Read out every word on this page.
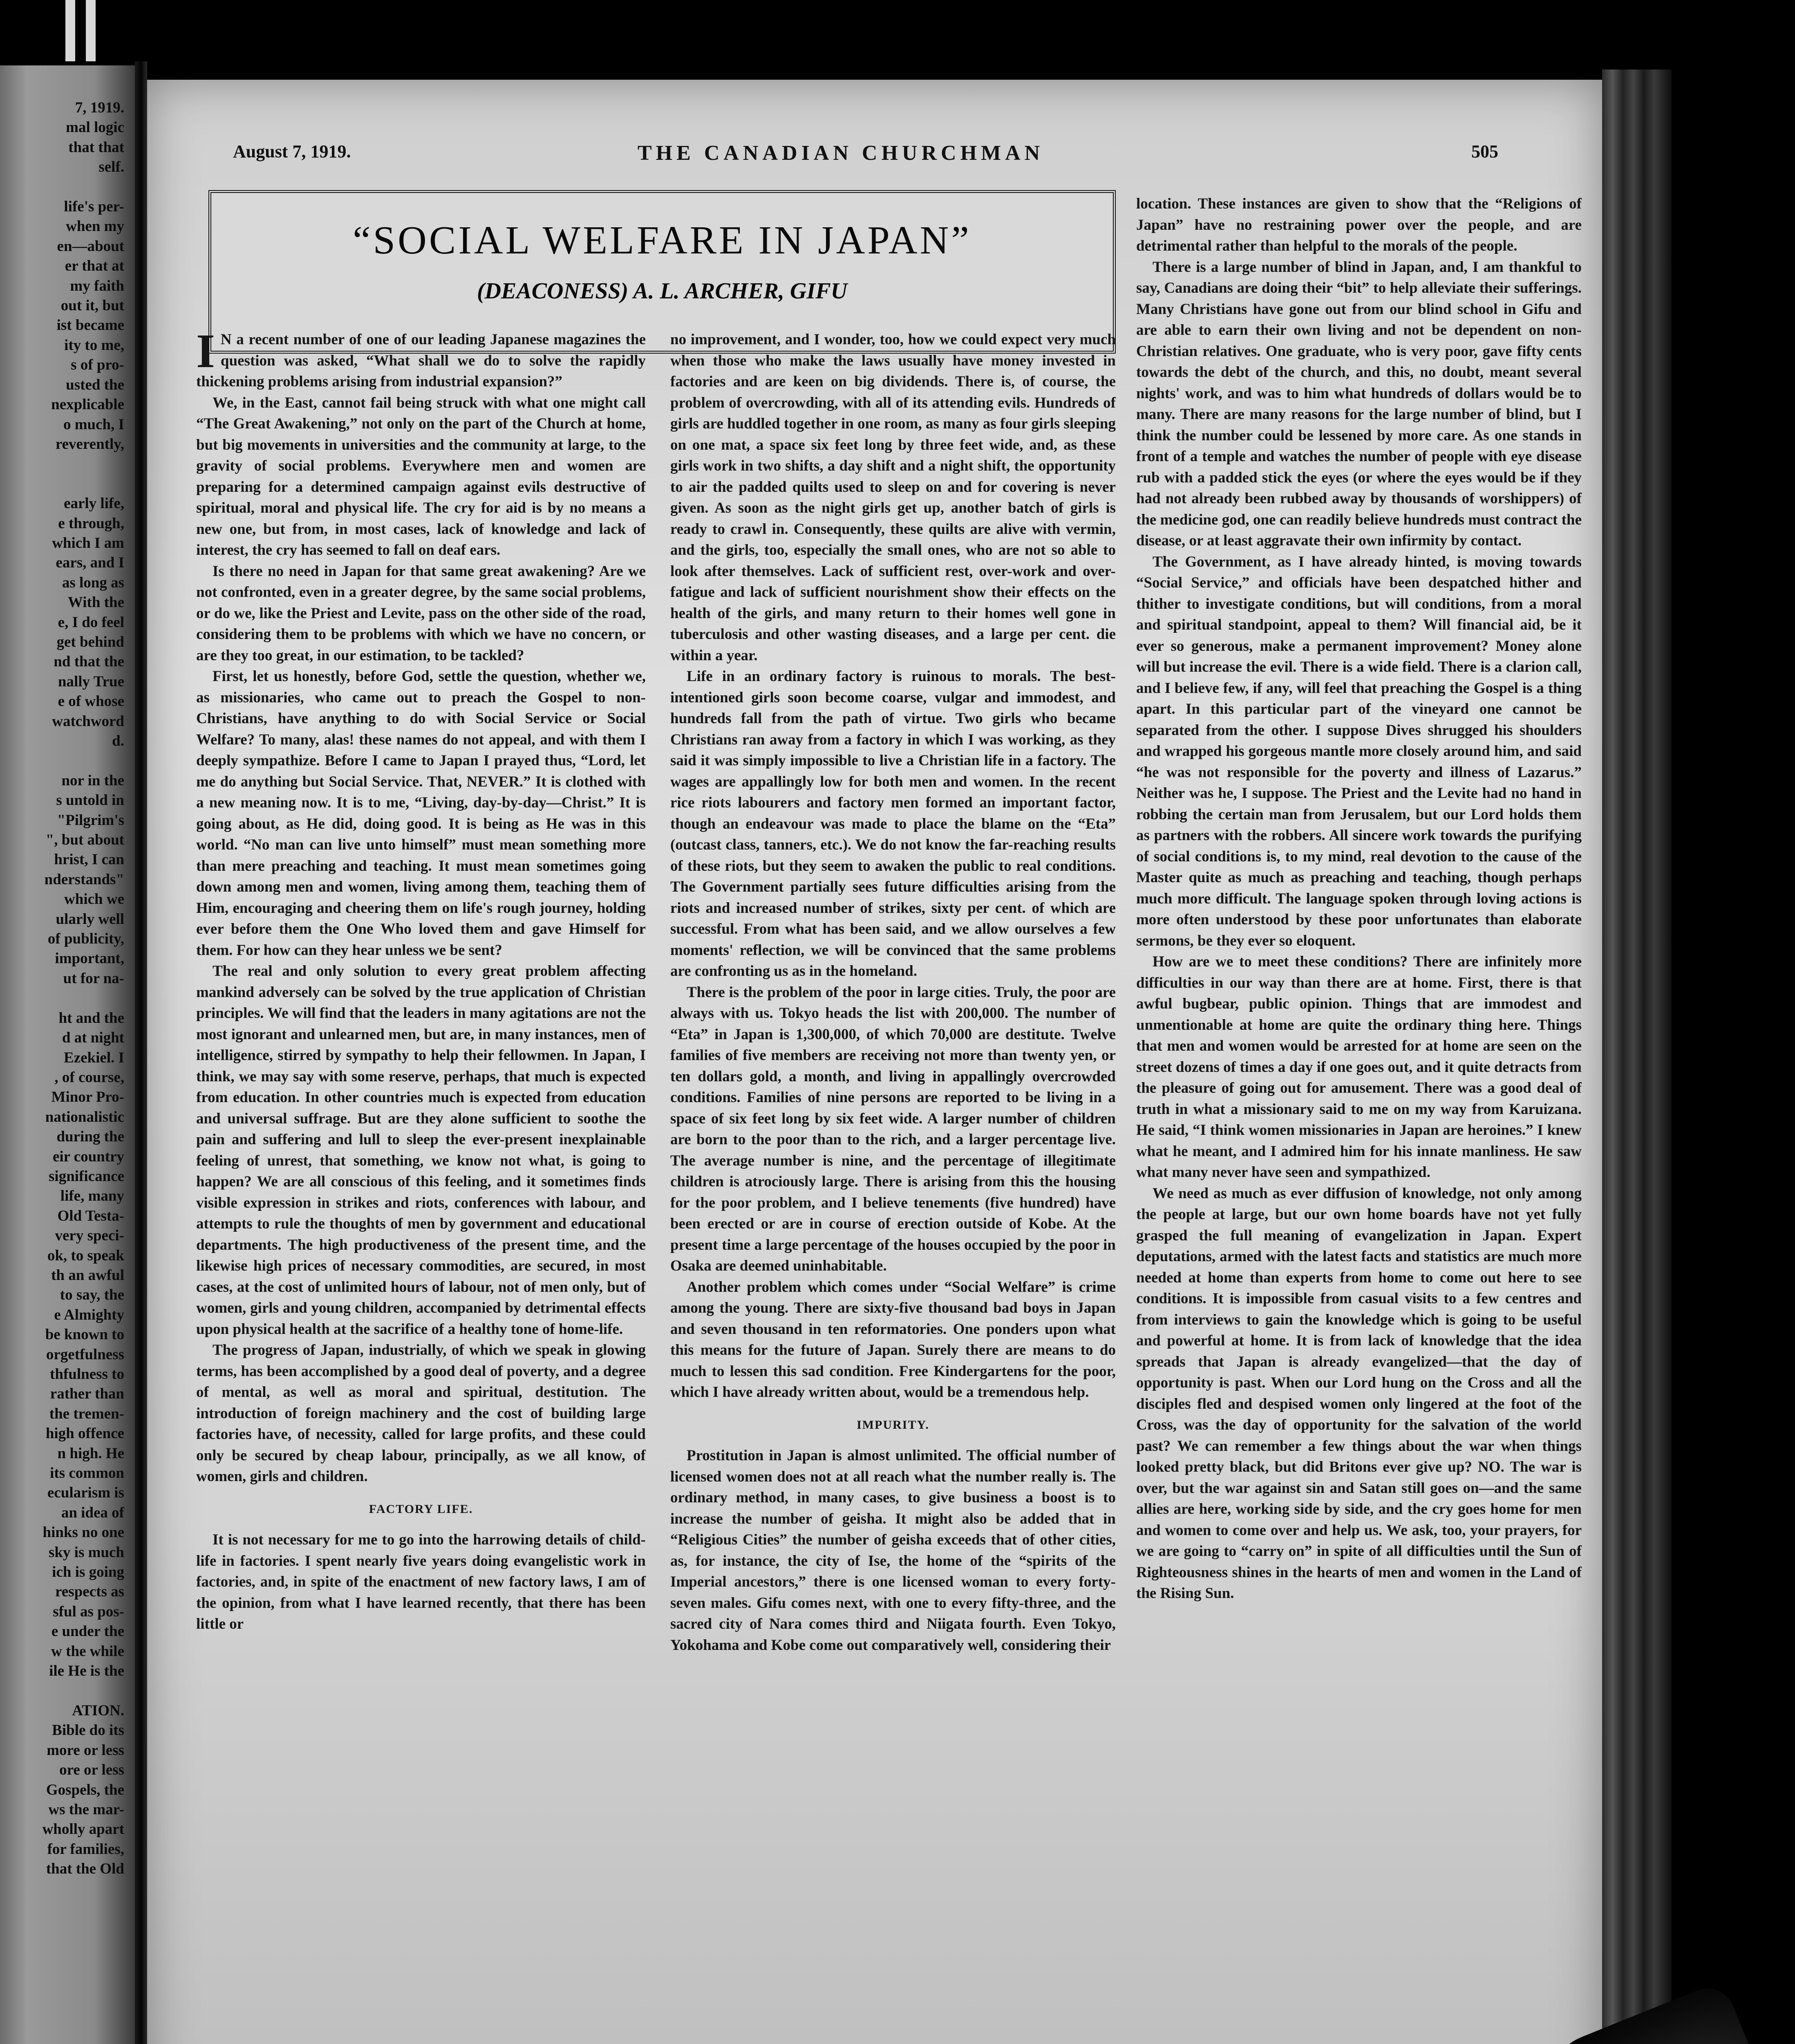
7, 1919.
mal logic
that that
self.

life's per-
when my
en—about
er that at
my faith
out it, but
ist became
ity to me,
s of pro-
usted the
nexplicable
o much, I
reverently,

early life,
e through,
which I am
ears, and I
as long as
With the
e, I do feel
get behind
nd that the
nally True
e of whose
watchword
d.

nor in the
s untold in
"Pilgrim's
", but about
hrist, I can
nderstands"
which we
ularly well
of publicity,
important,
ut for na-

ht and the
d at night
Ezekiel. I
, of course,
Minor Pro-
nationalistic
during the
eir country
significance
life, many
Old Testa-
very speci-
ok, to speak
th an awful
to say, the
e Almighty
be known to
orgetfulness
thfulness to
rather than
the tremen-
high offence
n high. He
its common
ecularism is
an idea of
hinks no one
sky is much
ich is going
respects as
sful as pos-
e under the
w the while
ile He is the

ATION.
Bible do its
more or less
ore or less
Gospels, the
ws the mar-
wholly apart
for families,
that the Old
August 7, 1919.	THE CANADIAN CHURCHMAN	505
“SOCIAL WELFARE IN JAPAN”
(DEACONESS) A. L. ARCHER, GIFU

I N a recent number of one of our leading Japanese magazines the question was asked, “What shall we do to solve the rapidly thickening problems arising from industrial expansion?”

We, in the East, cannot fail being struck with what one might call “The Great Awakening,” not only on the part of the Church at home, but big movements in universities and the community at large, to the gravity of social problems. Everywhere men and women are preparing for a determined campaign against evils destructive of spiritual, moral and physical life. The cry for aid is by no means a new one, but from, in most cases, lack of knowledge and lack of interest, the cry has seemed to fall on deaf ears.

Is there no need in Japan for that same great awakening? Are we not confronted, even in a greater degree, by the same social problems, or do we, like the Priest and Levite, pass on the other side of the road, considering them to be problems with which we have no concern, or are they too great, in our estimation, to be tackled?

First, let us honestly, before God, settle the question, whether we, as missionaries, who came out to preach the Gospel to non-Christians, have anything to do with Social Service or Social Welfare? To many, alas! these names do not appeal, and with them I deeply sympathize. Before I came to Japan I prayed thus, “Lord, let me do anything but Social Service. That, NEVER.” It is clothed with a new meaning now. It is to me, “Living, day-by-day—Christ.” It is going about, as He did, doing good. It is being as He was in this world. “No man can live unto himself” must mean something more than mere preaching and teaching. It must mean sometimes going down among men and women, living among them, teaching them of Him, encouraging and cheering them on life's rough journey, holding ever before them the One Who loved them and gave Himself for them. For how can they hear unless we be sent?

The real and only solution to every great problem affecting mankind adversely can be solved by the true application of Christian principles. We will find that the leaders in many agitations are not the most ignorant and unlearned men, but are, in many instances, men of intelligence, stirred by sympathy to help their fellowmen. In Japan, I think, we may say with some reserve, perhaps, that much is expected from education. In other countries much is expected from education and universal suffrage. But are they alone sufficient to soothe the pain and suffering and lull to sleep the ever-present inexplainable feeling of unrest, that something, we know not what, is going to happen? We are all conscious of this feeling, and it sometimes finds visible expression in strikes and riots, conferences with labour, and attempts to rule the thoughts of men by government and educational departments. The high productiveness of the present time, and the likewise high prices of necessary commodities, are secured, in most cases, at the cost of unlimited hours of labour, not of men only, but of women, girls and young children, accompanied by detrimental effects upon physical health at the sacrifice of a healthy tone of home-life.

The progress of Japan, industrially, of which we speak in glowing terms, has been accomplished by a good deal of poverty, and a degree of mental, as well as moral and spiritual, destitution. The introduction of foreign machinery and the cost of building large factories have, of necessity, called for large profits, and these could only be secured by cheap labour, principally, as we all know, of women, girls and children.

FACTORY LIFE.

It is not necessary for me to go into the harrowing details of child-life in factories. I spent nearly five years doing evangelistic work in factories, and, in spite of the enactment of new factory laws, I am of the opinion, from what I have learned recently, that there has been little or

no improvement, and I wonder, too, how we could expect very much when those who make the laws usually have money invested in factories and are keen on big dividends. There is, of course, the problem of overcrowding, with all of its attending evils. Hundreds of girls are huddled together in one room, as many as four girls sleeping on one mat, a space six feet long by three feet wide, and, as these girls work in two shifts, a day shift and a night shift, the opportunity to air the padded quilts used to sleep on and for covering is never given. As soon as the night girls get up, another batch of girls is ready to crawl in. Consequently, these quilts are alive with vermin, and the girls, too, especially the small ones, who are not so able to look after themselves. Lack of sufficient rest, over-work and over-fatigue and lack of sufficient nourishment show their effects on the health of the girls, and many return to their homes well gone in tuberculosis and other wasting diseases, and a large per cent. die within a year.

Life in an ordinary factory is ruinous to morals. The best-intentioned girls soon become coarse, vulgar and immodest, and hundreds fall from the path of virtue. Two girls who became Christians ran away from a factory in which I was working, as they said it was simply impossible to live a Christian life in a factory. The wages are appallingly low for both men and women. In the recent rice riots labourers and factory men formed an important factor, though an endeavour was made to place the blame on the “Eta” (outcast class, tanners, etc.). We do not know the far-reaching results of these riots, but they seem to awaken the public to real conditions. The Government partially sees future difficulties arising from the riots and increased number of strikes, sixty per cent. of which are successful. From what has been said, and we allow ourselves a few moments' reflection, we will be convinced that the same problems are confronting us as in the homeland.

There is the problem of the poor in large cities. Truly, the poor are always with us. Tokyo heads the list with 200,000. The number of “Eta” in Japan is 1,300,000, of which 70,000 are destitute. Twelve families of five members are receiving not more than twenty yen, or ten dollars gold, a month, and living in appallingly overcrowded conditions. Families of nine persons are reported to be living in a space of six feet long by six feet wide. A larger number of children are born to the poor than to the rich, and a larger percentage live. The average number is nine, and the percentage of illegitimate children is atrociously large. There is arising from this the housing for the poor problem, and I believe tenements (five hundred) have been erected or are in course of erection outside of Kobe. At the present time a large percentage of the houses occupied by the poor in Osaka are deemed uninhabitable.

Another problem which comes under “Social Welfare” is crime among the young. There are sixty-five thousand bad boys in Japan and seven thousand in ten reformatories. One ponders upon what this means for the future of Japan. Surely there are means to do much to lessen this sad condition. Free Kindergartens for the poor, which I have already written about, would be a tremendous help.

IMPURITY.

Prostitution in Japan is almost unlimited. The official number of licensed women does not at all reach what the number really is. The ordinary method, in many cases, to give business a boost is to increase the number of geisha. It might also be added that in “Religious Cities” the number of geisha exceeds that of other cities, as, for instance, the city of Ise, the home of the “spirits of the Imperial ancestors,” there is one licensed woman to every forty-seven males. Gifu comes next, with one to every fifty-three, and the sacred city of Nara comes third and Niigata fourth. Even Tokyo, Yokohama and Kobe come out comparatively well, considering their

location. These instances are given to show that the “Religions of Japan” have no restraining power over the people, and are detrimental rather than helpful to the morals of the people.

There is a large number of blind in Japan, and, I am thankful to say, Canadians are doing their “bit” to help alleviate their sufferings. Many Christians have gone out from our blind school in Gifu and are able to earn their own living and not be dependent on non-Christian relatives. One graduate, who is very poor, gave fifty cents towards the debt of the church, and this, no doubt, meant several nights' work, and was to him what hundreds of dollars would be to many. There are many reasons for the large number of blind, but I think the number could be lessened by more care. As one stands in front of a temple and watches the number of people with eye disease rub with a padded stick the eyes (or where the eyes would be if they had not already been rubbed away by thousands of worshippers) of the medicine god, one can readily believe hundreds must contract the disease, or at least aggravate their own infirmity by contact.

The Government, as I have already hinted, is moving towards “Social Service,” and officials have been despatched hither and thither to investigate conditions, but will conditions, from a moral and spiritual standpoint, appeal to them? Will financial aid, be it ever so generous, make a permanent improvement? Money alone will but increase the evil. There is a wide field. There is a clarion call, and I believe few, if any, will feel that preaching the Gospel is a thing apart. In this particular part of the vineyard one cannot be separated from the other. I suppose Dives shrugged his shoulders and wrapped his gorgeous mantle more closely around him, and said “he was not responsible for the poverty and illness of Lazarus.” Neither was he, I suppose. The Priest and the Levite had no hand in robbing the certain man from Jerusalem, but our Lord holds them as partners with the robbers. All sincere work towards the purifying of social conditions is, to my mind, real devotion to the cause of the Master quite as much as preaching and teaching, though perhaps much more difficult. The language spoken through loving actions is more often understood by these poor unfortunates than elaborate sermons, be they ever so eloquent.

How are we to meet these conditions? There are infinitely more difficulties in our way than there are at home. First, there is that awful bugbear, public opinion. Things that are immodest and unmentionable at home are quite the ordinary thing here. Things that men and women would be arrested for at home are seen on the street dozens of times a day if one goes out, and it quite detracts from the pleasure of going out for amusement. There was a good deal of truth in what a missionary said to me on my way from Karuizana. He said, “I think women missionaries in Japan are heroines.” I knew what he meant, and I admired him for his innate manliness. He saw what many never have seen and sympathized.

We need as much as ever diffusion of knowledge, not only among the people at large, but our own home boards have not yet fully grasped the full meaning of evangelization in Japan. Expert deputations, armed with the latest facts and statistics are much more needed at home than experts from home to come out here to see conditions. It is impossible from casual visits to a few centres and from interviews to gain the knowledge which is going to be useful and powerful at home. It is from lack of knowledge that the idea spreads that Japan is already evangelized—that the day of opportunity is past. When our Lord hung on the Cross and all the disciples fled and despised women only lingered at the foot of the Cross, was the day of opportunity for the salvation of the world past? We can remember a few things about the war when things looked pretty black, but did Britons ever give up? NO. The war is over, but the war against sin and Satan still goes on—and the same allies are here, working side by side, and the cry goes home for men and women to come over and help us. We ask, too, your prayers, for we are going to “carry on” in spite of all difficulties until the Sun of Righteousness shines in the hearts of men and women in the Land of the Rising Sun.
